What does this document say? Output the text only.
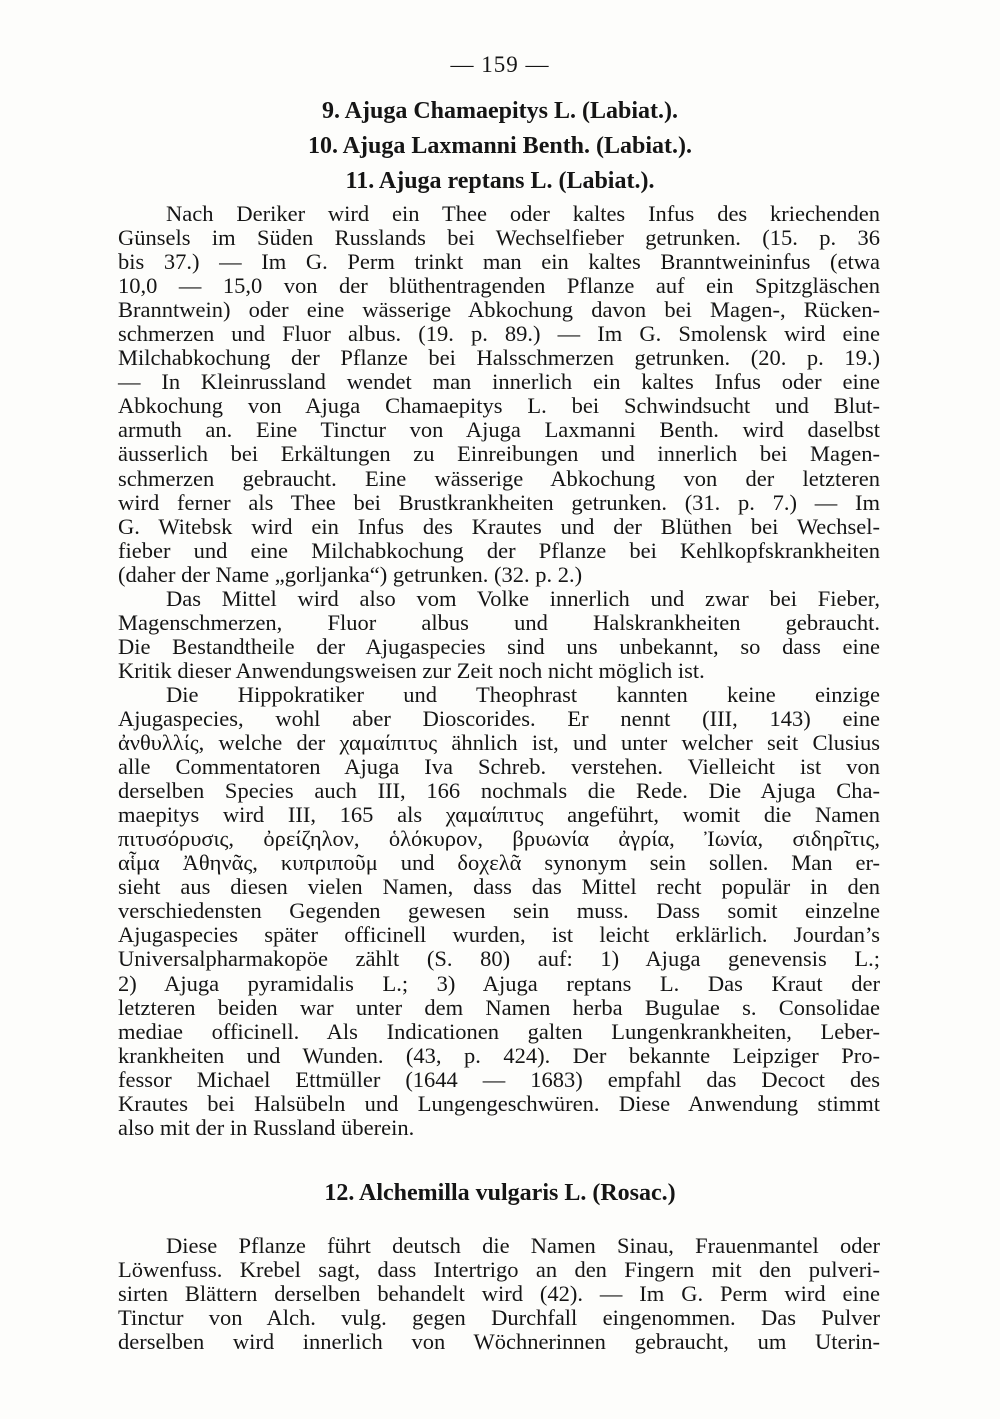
— 159 —
9. Ajuga Chamaepitys L. (Labiat.).
10. Ajuga Laxmanni Benth. (Labiat.).
11. Ajuga reptans L. (Labiat.).
Nach Deriker wird ein Thee oder kaltes Infus des kriechenden
Günsels im Süden Russlands bei Wechselfieber getrunken. (15. p. 36
bis 37.) — Im G. Perm trinkt man ein kaltes Branntweininfus (etwa
10,0 — 15,0 von der blüthentragenden Pflanze auf ein Spitzgläschen
Branntwein) oder eine wässerige Abkochung davon bei Magen-, Rücken-
schmerzen und Fluor albus. (19. p. 89.) — Im G. Smolensk wird eine
Milchabkochung der Pflanze bei Halsschmerzen getrunken. (20. p. 19.)
— In Kleinrussland wendet man innerlich ein kaltes Infus oder eine
Abkochung von Ajuga Chamaepitys L. bei Schwindsucht und Blut-
armuth an. Eine Tinctur von Ajuga Laxmanni Benth. wird daselbst
äusserlich bei Erkältungen zu Einreibungen und innerlich bei Magen-
schmerzen gebraucht. Eine wässerige Abkochung von der letzteren
wird ferner als Thee bei Brustkrankheiten getrunken. (31. p. 7.) — Im
G. Witebsk wird ein Infus des Krautes und der Blüthen bei Wechsel-
fieber und eine Milchabkochung der Pflanze bei Kehlkopfskrankheiten
(daher der Name „gorljanka“) getrunken. (32. p. 2.)
Das Mittel wird also vom Volke innerlich und zwar bei Fieber,
Magenschmerzen, Fluor albus und Halskrankheiten gebraucht.
Die Bestandtheile der Ajugaspecies sind uns unbekannt, so dass eine
Kritik dieser Anwendungsweisen zur Zeit noch nicht möglich ist.
Die Hippokratiker und Theophrast kannten keine einzige
Ajugaspecies, wohl aber Dioscorides. Er nennt (III, 143) eine
ἀνθυλλίς, welche der χαμαίπιτυς ähnlich ist, und unter welcher seit Clusius
alle Commentatoren Ajuga Iva Schreb. verstehen. Vielleicht ist von
derselben Species auch III, 166 nochmals die Rede. Die Ajuga Cha-
maepitys wird III, 165 als χαμαίπιτυς angeführt, womit die Namen
πιτυσόρυσις, ὀρείζηλον, ὁλόκυρον, βρυωνία ἀγρία, Ἰωνία, σιδηρῖτις,
αἷμα Ἀθηνᾶς, κυπριποῦμ und δοχελᾶ synonym sein sollen. Man er-
sieht aus diesen vielen Namen, dass das Mittel recht populär in den
verschiedensten Gegenden gewesen sein muss. Dass somit einzelne
Ajugaspecies später officinell wurden, ist leicht erklärlich. Jourdan’s
Universalpharmakopöe zählt (S. 80) auf: 1) Ajuga genevensis L.;
2) Ajuga pyramidalis L.; 3) Ajuga reptans L. Das Kraut der
letzteren beiden war unter dem Namen herba Bugulae s. Consolidae
mediae officinell. Als Indicationen galten Lungenkrankheiten, Leber-
krankheiten und Wunden. (43, p. 424). Der bekannte Leipziger Pro-
fessor Michael Ettmüller (1644 — 1683) empfahl das Decoct des
Krautes bei Halsübeln und Lungengeschwüren. Diese Anwendung stimmt
also mit der in Russland überein.
12. Alchemilla vulgaris L. (Rosac.)
Diese Pflanze führt deutsch die Namen Sinau, Frauenmantel oder
Löwenfuss. Krebel sagt, dass Intertrigo an den Fingern mit den pulveri-
sirten Blättern derselben behandelt wird (42). — Im G. Perm wird eine
Tinctur von Alch. vulg. gegen Durchfall eingenommen. Das Pulver
derselben wird innerlich von Wöchnerinnen gebraucht, um Uterin-
